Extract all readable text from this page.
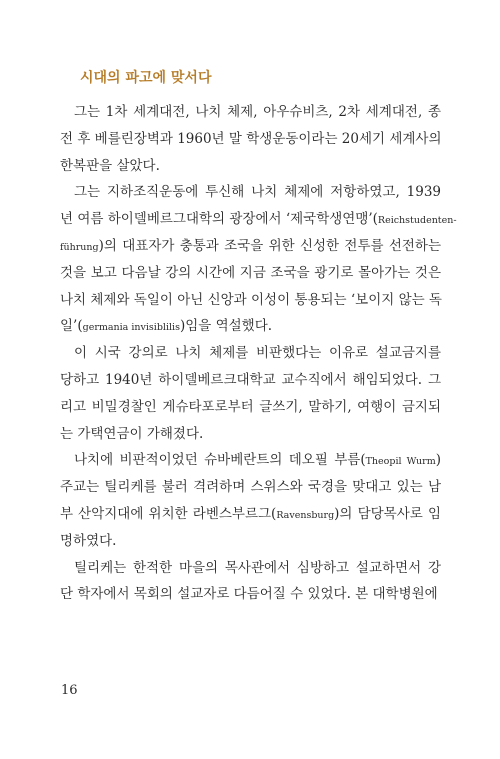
시대의 파고에 맞서다
그는 1차 세계대전, 나치 체제, 아우슈비츠, 2차 세계대전, 종
전 후 베를린장벽과 1960년 말 학생운동이라는 20세기 세계사의
한복판을 살았다.
그는 지하조직운동에 투신해 나치 체제에 저항하였고, 1939
년 여름 하이델베르그대학의 광장에서 ‘제국학생연맹’(Reichstudenten-
führung)의 대표자가 충통과 조국을 위한 신성한 전투를 선전하는
것을 보고 다음날 강의 시간에 지금 조국을 광기로 몰아가는 것은
나치 체제와 독일이 아닌 신앙과 이성이 통용되는 ‘보이지 않는 독
일’(germania invisiblilis)임을 역설했다.
이 시국 강의로 나치 체제를 비판했다는 이유로 설교금지를
당하고 1940년 하이델베르크대학교 교수직에서 해임되었다. 그
리고 비밀경찰인 게슈타포로부터 글쓰기, 말하기, 여행이 금지되
는 가택연금이 가해졌다.
나치에 비판적이었던 슈바베란트의 데오필 부름(Theopil Wurm)
주교는 틸리케를 불러 격려하며 스위스와 국경을 맞대고 있는 남
부 산악지대에 위치한 라벤스부르그(Ravensburg)의 담당목사로 임
명하였다.
틸리케는 한적한 마을의 목사관에서 심방하고 설교하면서 강
단 학자에서 목회의 설교자로 다듬어질 수 있었다. 본 대학병원에
16
